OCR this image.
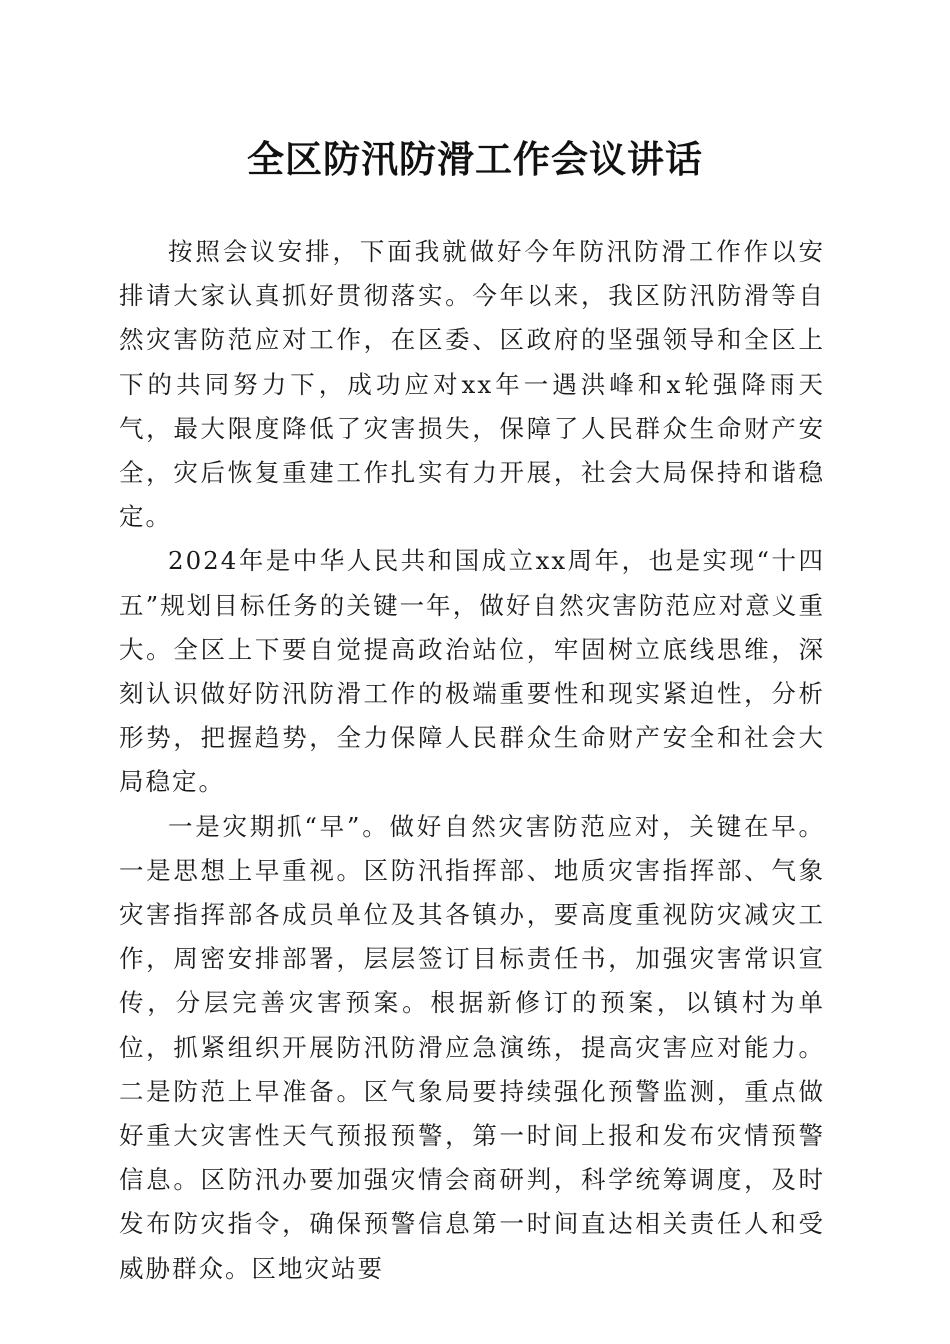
全区防汛防滑工作会议讲话

按照会议安排，下面我就做好今年防汛防滑工作作以安排请大家认真抓好贯彻落实。今年以来，我区防汛防滑等自然灾害防范应对工作，在区委、区政府的坚强领导和全区上下的共同努力下，成功应对xx年一遇洪峰和x轮强降雨天气，最大限度降低了灾害损失，保障了人民群众生命财产安全，灾后恢复重建工作扎实有力开展，社会大局保持和谐稳定。

2024年是中华人民共和国成立xx周年，也是实现“十四五”规划目标任务的关键一年，做好自然灾害防范应对意义重大。全区上下要自觉提高政治站位，牢固树立底线思维，深刻认识做好防汛防滑工作的极端重要性和现实紧迫性，分析形势，把握趋势，全力保障人民群众生命财产安全和社会大局稳定。

一是灾期抓“早”。做好自然灾害防范应对，关键在早。一是思想上早重视。区防汛指挥部、地质灾害指挥部、气象灾害指挥部各成员单位及其各镇办，要高度重视防灾减灾工作，周密安排部署，层层签订目标责任书，加强灾害常识宣传，分层完善灾害预案。根据新修订的预案，以镇村为单位，抓紧组织开展防汛防滑应急演练，提高灾害应对能力。二是防范上早准备。区气象局要持续强化预警监测，重点做好重大灾害性天气预报预警，第一时间上报和发布灾情预警信息。区防汛办要加强灾情会商研判，科学统筹调度，及时发布防灾指令，确保预警信息第一时间直达相关责任人和受威胁群众。区地灾站要
